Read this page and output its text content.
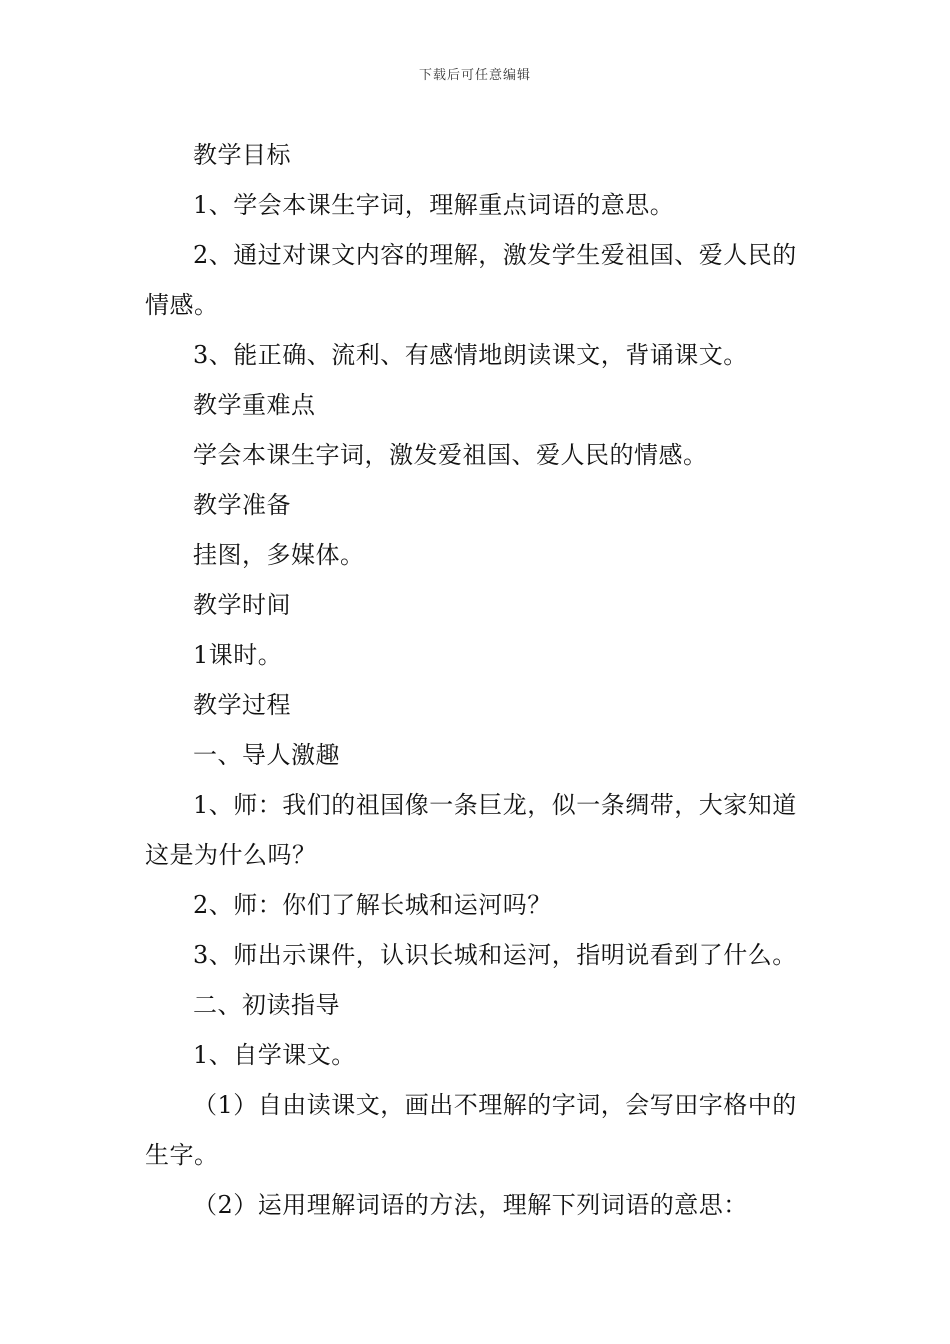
下载后可任意编辑

教学目标

1、学会本课生字词，理解重点词语的意思。

2、通过对课文内容的理解，激发学生爱祖国、爱人民的情感。

3、能正确、流利、有感情地朗读课文，背诵课文。

教学重难点

学会本课生字词，激发爱祖国、爱人民的情感。

教学准备

挂图，多媒体。

教学时间

1课时。

教学过程

一、导人激趣

1、师：我们的祖国像一条巨龙，似一条绸带，大家知道这是为什么吗？

2、师：你们了解长城和运河吗？

3、师出示课件，认识长城和运河，指明说看到了什么。

二、初读指导

1、自学课文。

（1）自由读课文，画出不理解的字词，会写田字格中的生字。

（2）运用理解词语的方法，理解下列词语的意思：
